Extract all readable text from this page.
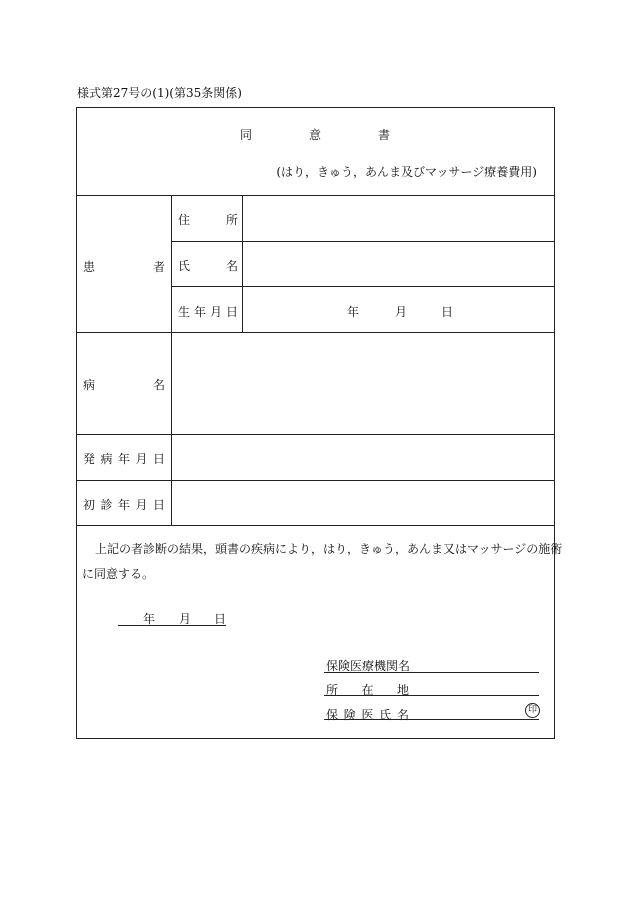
様式第27号の(1)(第35条関係)
同	意	書
(はり，きゅう，あんま及びマッサージ療養費用)
患	者
住	所
氏	名
生 年 月 日	年	月	日
病	名
発 病 年 月 日
初 診 年 月 日
上記の者診断の結果，頭書の疾病により，はり，きゅう，あんま又はマッサージの施術
に同意する。
年 月 日
保険医療機関名
所 在 地
保 険 医 氏 名	印
